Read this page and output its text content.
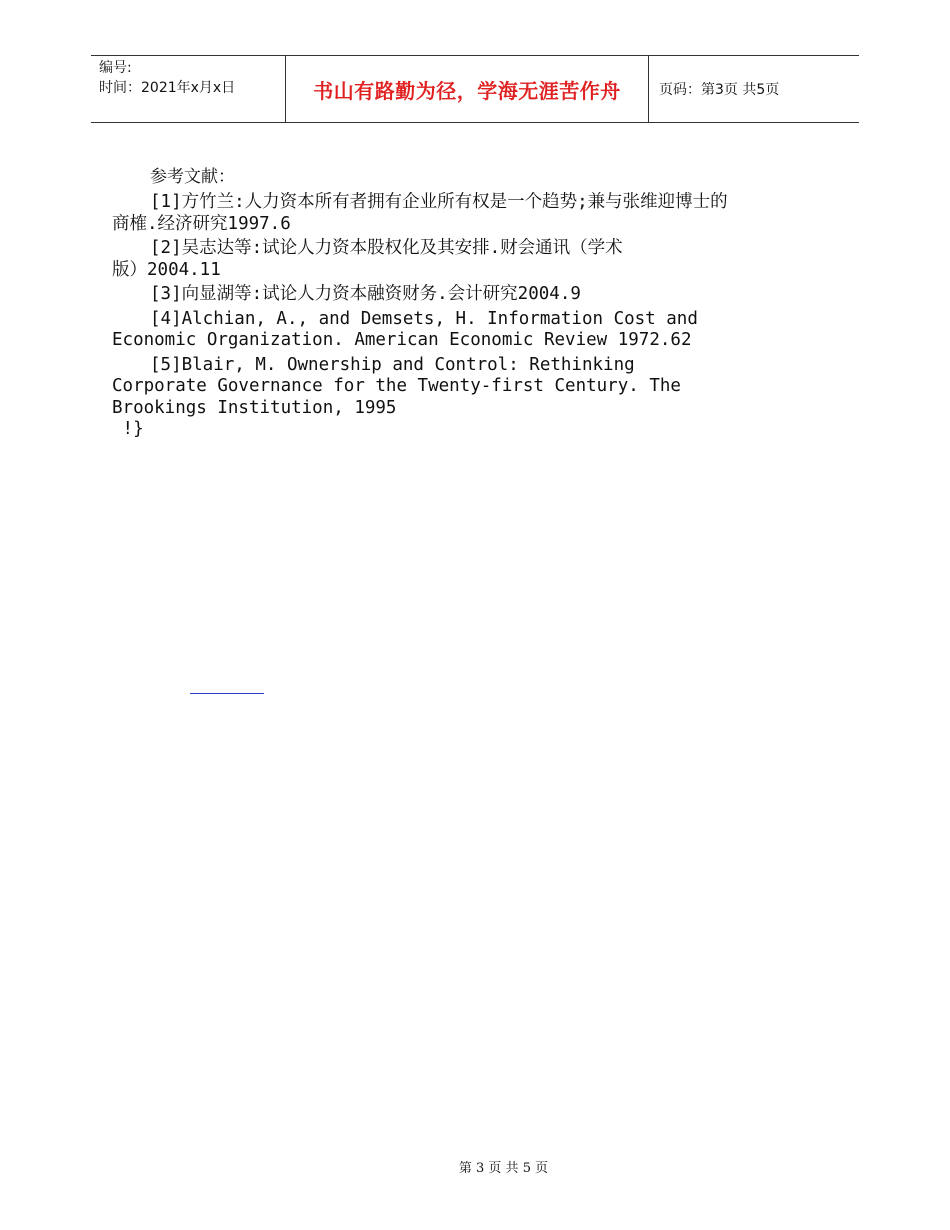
编号:
时间：2021年x月x日	书山有路勤为径，学海无涯苦作舟	页码：第3页 共5页
参考文献：
[1]方竹兰:人力资本所有者拥有企业所有权是一个趋势;兼与张维迎博士的
商榷.经济研究1997.6
[2]吴志达等:试论人力资本股权化及其安排.财会通讯（学术
版）2004.11
[3]向显湖等:试论人力资本融资财务.会计研究2004.9
[4]Alchian, A., and Demsets, H. Information Cost and
Economic Organization. American Economic Review 1972.62
[5]Blair, M. Ownership and Control: Rethinking
Corporate Governance for the Twenty-first Century. The
Brookings Institution, 1995
!}
第 3 页 共 5 页
